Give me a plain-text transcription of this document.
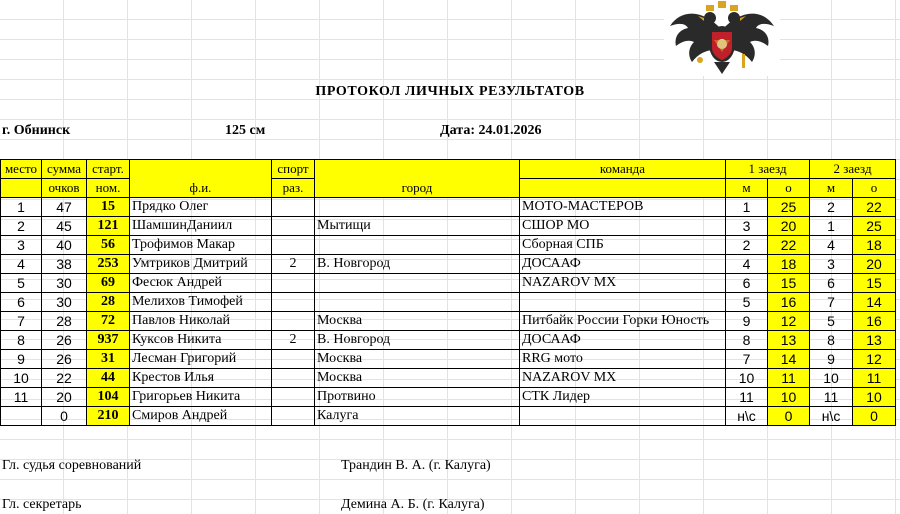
ПРОТОКОЛ ЛИЧНЫХ РЕЗУЛЬТАТОВ
г. Обнинск	125 см	Дата: 24.01.2026
место	сумма	старт.	ф.и.	спорт	город	команда	1 заезд		2 заезд	
	очков	ном.		раз.			м	о	м	о
1	47	15	Прядко Олег			МОТО-МАСТЕРОВ	1	25	2	22
2	45	121	ШамшинДаниил		Мытищи	СШОР МО	3	20	1	25
3	40	56	Трофимов Макар			Сборная СПБ	2	22	4	18
4	38	253	Умтриков Дмитрий	2	В. Новгород	ДОСААФ	4	18	3	20
5	30	69	Фесюк Андрей			NAZAROV MX	6	15	6	15
6	30	28	Мелихов Тимофей				5	16	7	14
7	28	72	Павлов Николай		Москва	Питбайк России Горки Юность	9	12	5	16
8	26	937	Куксов Никита	2	В. Новгород	ДОСААФ	8	13	8	13
9	26	31	Лесман Григорий		Москва	RRG мото	7	14	9	12
10	22	44	Крестов Илья		Москва	NAZAROV MX	10	11	10	11
11	20	104	Григорьев Никита		Протвино	СТК Лидер	11	10	11	10
	0	210	Смиров Андрей		Калуга		н\с	0	н\с	0
Гл. судья соревнований	Трандин В. А. (г. Калуга)
Гл. секретарь	Демина А. Б. (г. Калуга)
